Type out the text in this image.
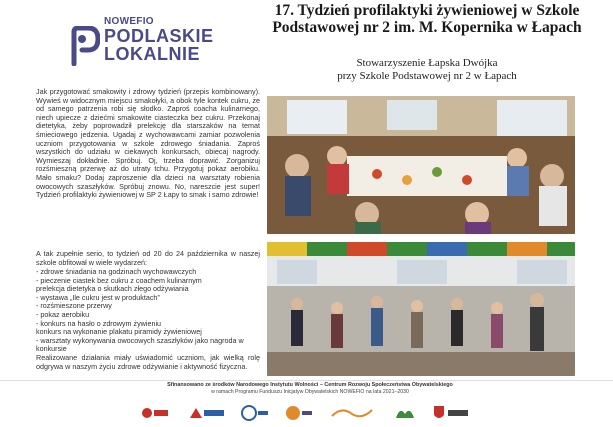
NOWEFIO
PODLASKIE
LOKALNIE
17. Tydzień profilaktyki żywieniowej w Szkole Podstawowej nr 2 im. M. Kopernika w Łapach
Stowarzyszenie Łapska Dwójka
przy Szkole Podstawowej nr 2 w Łapach

Jak przygotować smakowity i zdrowy tydzień (przepis kombinowany). Wywieś w widocznym miejscu smakołyki, a obok tyle kontek cukru, że od samego patrzenia robi się słodko. Zaproś coacha kulinarnego, niech upiecze z dziećmi smakowite ciasteczka bez cukru. Przekonaj dietetyka, żeby poprowadził prelekcję dla starszaków na temat śmieciowego jedzenia. Ugadaj z wychowawcami zamiar pozwolenia uczniom przygotowania w szkole zdrowego śniadania. Zaproś wszystkich do udziału w ciekawych konkursach, obiecaj nagrody. Wymieszaj dokładnie. Spróbuj. Oj, trzeba doprawić. Zorganizuj rozśmieszną przerwę aż do utraty tchu. Przygotuj pokaz aerobiku. Mało smaku? Dodaj zaproszenie dla dzieci na warsztaty robienia owocowych szaszłyków. Spróbuj znowu. No, nareszcie jest super! Tydzień profilaktyki żywieniowej w SP 2 Łapy to smak i samo zdrowie!

A tak zupełnie serio, to tydzień od 20 do 24 października w naszej szkole obfitował w wiele wydarzeń:

- zdrowe śniadania na godzinach wychowawczych
- pieczenie ciastek bez cukru z coachem kulinarnym
prelekcja dietetyka o skutkach złego odżywiania
- wystawa „Ile cukru jest w produktach”
- rozśmieszone przerwy
- pokaz aerobiku
- konkurs na hasło o zdrowym żywieniu
konkurs na wykonanie plakatu piramidy żywieniowej
- warsztaty wykonywania owocowych szaszłyków jako nagroda w konkursie

Realizowane działania miały uświadomić uczniom, jak wielką rolę odgrywa w naszym życiu zdrowe odżywianie i aktywność fizyczna.

Sfinansowano ze środków Narodowego Instytutu Wolności – Centrum Rozwoju Społeczeństwa Obywatelskiego
w ramach Programu Funduszu Inicjatyw Obywatelskich NOWEFIO na lata 2021–2030
